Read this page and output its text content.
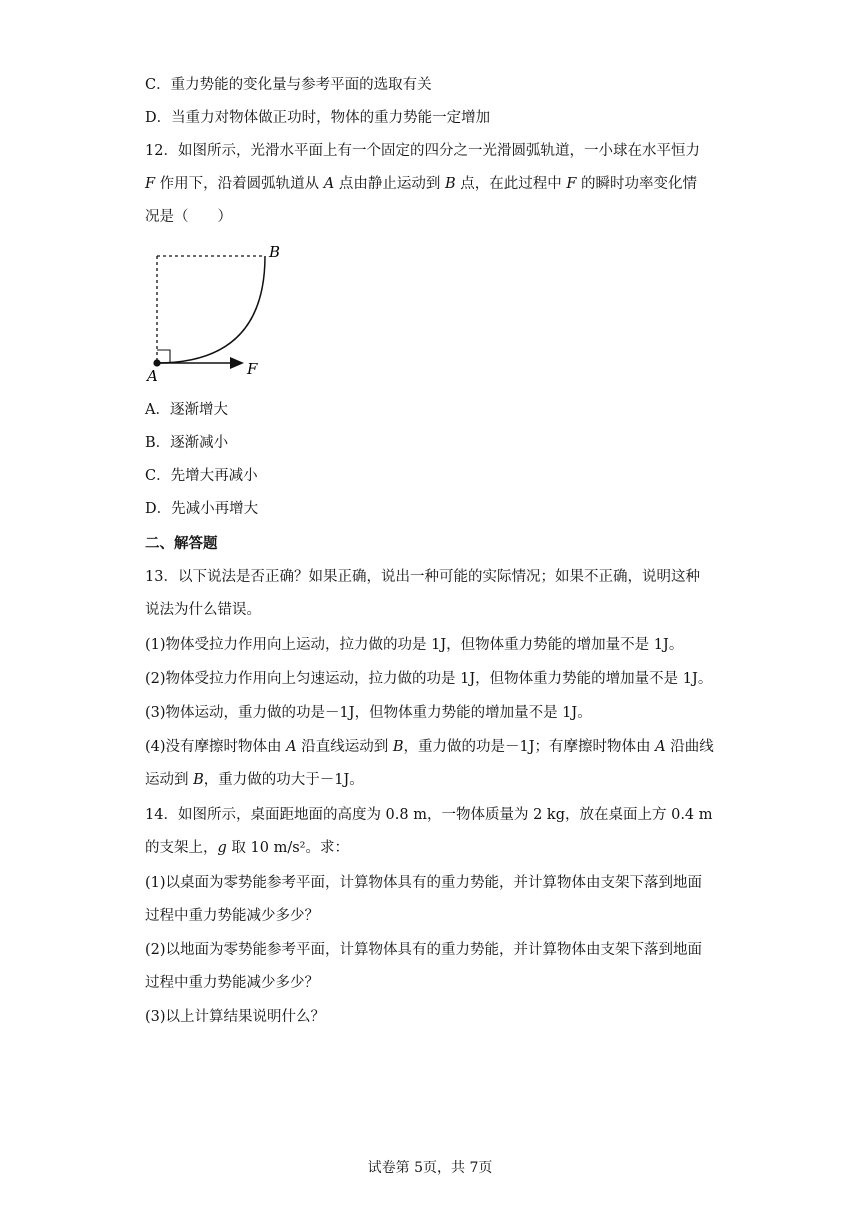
C．重力势能的变化量与参考平面的选取有关
D．当重力对物体做正功时，物体的重力势能一定增加
12．如图所示，光滑水平面上有一个固定的四分之一光滑圆弧轨道，一小球在水平恒力
F 作用下，沿着圆弧轨道从 A 点由静止运动到 B 点，在此过程中 F 的瞬时功率变化情
况是（　　）
B
A	F
A．逐渐增大
B．逐渐减小
C．先增大再减小
D．先减小再增大
二、解答题
13．以下说法是否正确？如果正确，说出一种可能的实际情况；如果不正确，说明这种
说法为什么错误。
(1)物体受拉力作用向上运动，拉力做的功是 1J，但物体重力势能的增加量不是 1J。
(2)物体受拉力作用向上匀速运动，拉力做的功是 1J，但物体重力势能的增加量不是 1J。
(3)物体运动，重力做的功是－1J，但物体重力势能的增加量不是 1J。
(4)没有摩擦时物体由 A 沿直线运动到 B，重力做的功是－1J；有摩擦时物体由 A 沿曲线
运动到 B，重力做的功大于－1J。
14．如图所示，桌面距地面的高度为 0.8 m，一物体质量为 2 kg，放在桌面上方 0.4 m
的支架上，g 取 10 m/s²。求：
(1)以桌面为零势能参考平面，计算物体具有的重力势能，并计算物体由支架下落到地面
过程中重力势能减少多少？
(2)以地面为零势能参考平面，计算物体具有的重力势能，并计算物体由支架下落到地面
过程中重力势能减少多少？
(3)以上计算结果说明什么？
试卷第 5页，共 7页
